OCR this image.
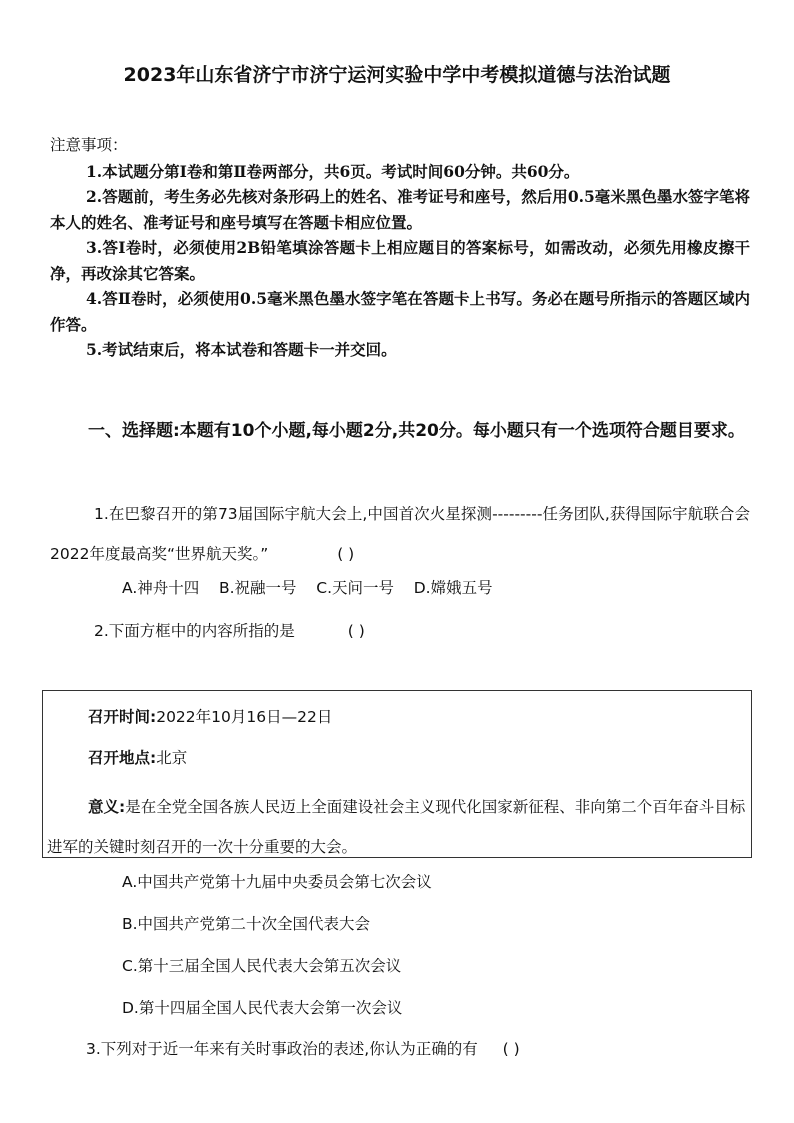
2023年山东省济宁市济宁运河实验中学中考模拟道德与法治试题
注意事项：
1.本试题分第Ⅰ卷和第Ⅱ卷两部分，共6页。考试时间60分钟。共60分。
2.答题前，考生务必先核对条形码上的姓名、准考证号和座号，然后用0.5毫米黑色墨水签字笔将本人的姓名、准考证号和座号填写在答题卡相应位置。
3.答Ⅰ卷时，必须使用2B铅笔填涂答题卡上相应题目的答案标号，如需改动，必须先用橡皮擦干净，再改涂其它答案。
4.答Ⅱ卷时，必须使用0.5毫米黑色墨水签字笔在答题卡上书写。务必在题号所指示的答题区域内作答。
5.考试结束后，将本试卷和答题卡一并交回。
一、选择题:本题有10个小题,每小题2分,共20分。每小题只有一个选项符合题目要求。
1.在巴黎召开的第73届国际宇航大会上,中国首次火星探测---------任务团队,获得国际宇航联合会2022年度最高奖“世界航天奖。”	( )
A.神舟十四 B.祝融一号 C.天问一号 D.嫦娥五号
2.下面方框中的内容所指的是	( )
召开时间:2022年10月16日—22日
召开地点:北京
意义:是在全党全国各族人民迈上全面建设社会主义现代化国家新征程、非向第二个百年奋斗目标进军的关键时刻召开的一次十分重要的大会。
A.中国共产党第十九届中央委员会第七次会议
B.中国共产党第二十次全国代表大会
C.第十三届全国人民代表大会第五次会议
D.第十四届全国人民代表大会第一次会议
3.下列对于近一年来有关时事政治的表述,你认为正确的有 ( )
